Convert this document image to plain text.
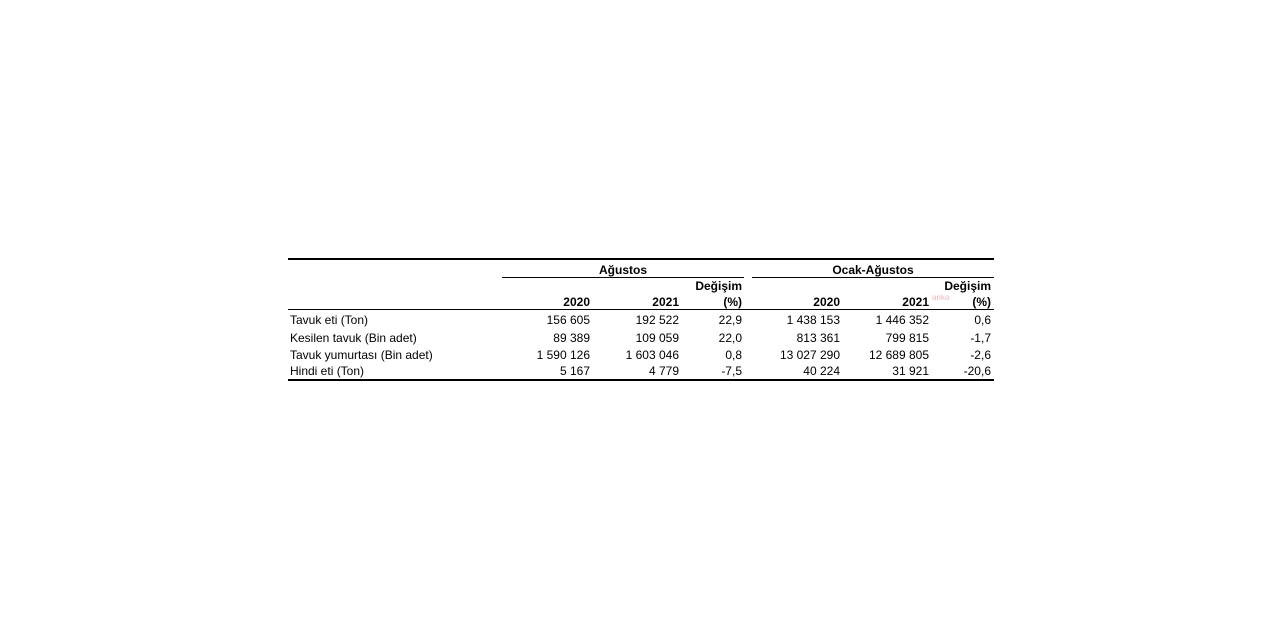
Ağustos	Ocak-Ağustos
Değişim	Değişim
2020	2021	(%)	2020	2021	(%)
anka
Tavuk eti (Ton)	156 605	192 522	22,9	1 438 153	1 446 352	0,6
Kesilen tavuk (Bin adet)	89 389	109 059	22,0	813 361	799 815	-1,7
Tavuk yumurtası (Bin adet)	1 590 126	1 603 046	0,8	13 027 290	12 689 805	-2,6
Hindi eti (Ton)	5 167	4 779	-7,5	40 224	31 921	-20,6
